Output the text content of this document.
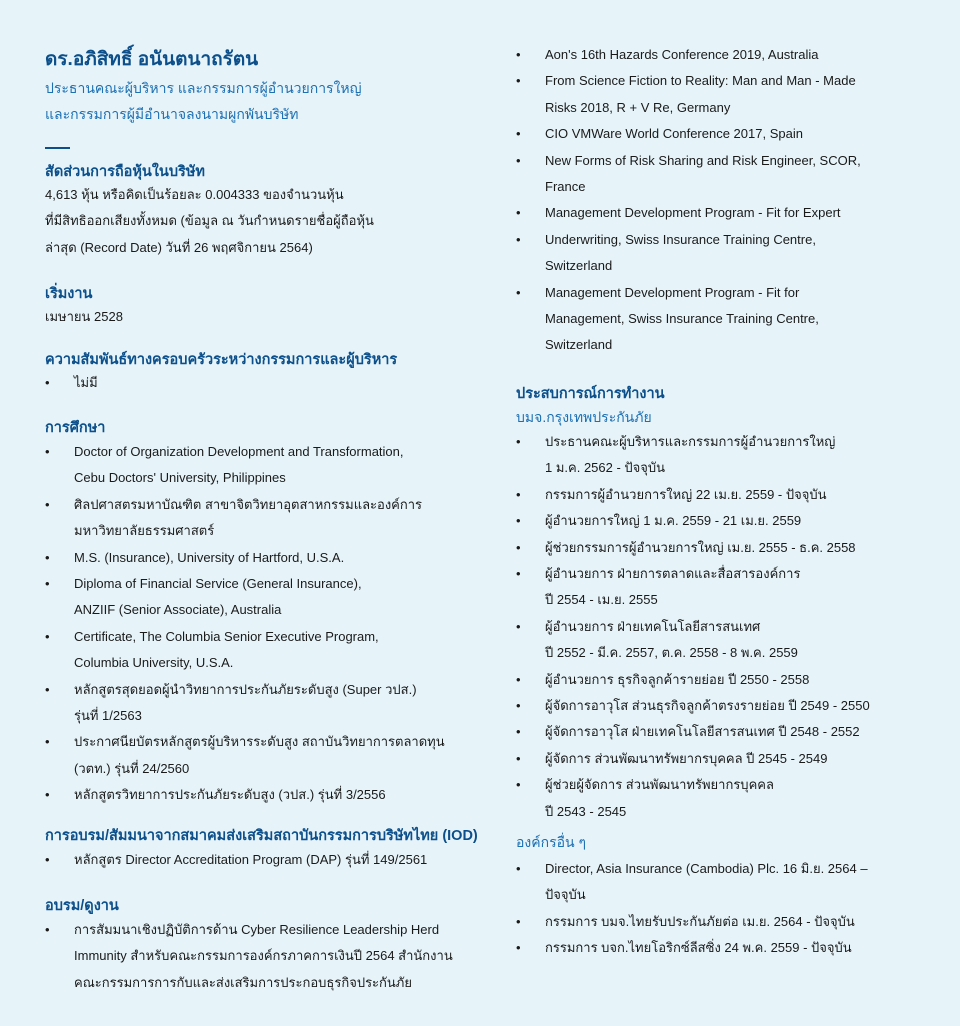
ดร.อภิสิทธิ์ อนันตนาถรัตน
ประธานคณะผู้บริหาร และกรรมการผู้อำนวยการใหญ่
และกรรมการผู้มีอำนาจลงนามผูกพันบริษัท
สัดส่วนการถือหุ้นในบริษัท
4,613 หุ้น หรือคิดเป็นร้อยละ 0.004333 ของจำนวนหุ้น
ที่มีสิทธิออกเสียงทั้งหมด (ข้อมูล ณ วันกำหนดรายชื่อผู้ถือหุ้น
ล่าสุด (Record Date) วันที่ 26 พฤศจิกายน 2564)
เริ่มงาน
เมษายน 2528
ความสัมพันธ์ทางครอบครัวระหว่างกรรมการและผู้บริหาร
• ไม่มี
การศึกษา
• Doctor of Organization Development and Transformation,
Cebu Doctors' University, Philippines
• ศิลปศาสตรมหาบัณฑิต สาขาจิตวิทยาอุตสาหกรรมและองค์การ
มหาวิทยาลัยธรรมศาสตร์
• M.S. (Insurance), University of Hartford, U.S.A.
• Diploma of Financial Service (General Insurance),
ANZIIF (Senior Associate), Australia
• Certificate, The Columbia Senior Executive Program,
Columbia University, U.S.A.
• หลักสูตรสุดยอดผู้นำวิทยาการประกันภัยระดับสูง (Super วปส.)
รุ่นที่ 1/2563
• ประกาศนียบัตรหลักสูตรผู้บริหารระดับสูง สถาบันวิทยาการตลาดทุน
(วตท.) รุ่นที่ 24/2560
• หลักสูตรวิทยาการประกันภัยระดับสูง (วปส.) รุ่นที่ 3/2556
การอบรม/สัมมนาจากสมาคมส่งเสริมสถาบันกรรมการบริษัทไทย (IOD)
• หลักสูตร Director Accreditation Program (DAP) รุ่นที่ 149/2561
อบรม/ดูงาน
• การสัมมนาเชิงปฏิบัติการด้าน Cyber Resilience Leadership Herd
Immunity สำหรับคณะกรรมการองค์กรภาคการเงินปี 2564 สำนักงาน
คณะกรรมการการกับและส่งเสริมการประกอบธุรกิจประกันภัย
• Aon's 16th Hazards Conference 2019, Australia
• From Science Fiction to Reality: Man and Man - Made
Risks 2018, R + V Re, Germany
• CIO VMWare World Conference 2017, Spain
• New Forms of Risk Sharing and Risk Engineer, SCOR,
France
• Management Development Program - Fit for Expert
• Underwriting, Swiss Insurance Training Centre,
Switzerland
• Management Development Program - Fit for
Management, Swiss Insurance Training Centre,
Switzerland
ประสบการณ์การทำงาน
บมจ.กรุงเทพประกันภัย
• ประธานคณะผู้บริหารและกรรมการผู้อำนวยการใหญ่
1 ม.ค. 2562 - ปัจจุบัน
• กรรมการผู้อำนวยการใหญ่ 22 เม.ย. 2559 - ปัจจุบัน
• ผู้อำนวยการใหญ่ 1 ม.ค. 2559 - 21 เม.ย. 2559
• ผู้ช่วยกรรมการผู้อำนวยการใหญ่ เม.ย. 2555 - ธ.ค. 2558
• ผู้อำนวยการ ฝ่ายการตลาดและสื่อสารองค์การ
ปี 2554 - เม.ย. 2555
• ผู้อำนวยการ ฝ่ายเทคโนโลยีสารสนเทศ
ปี 2552 - มี.ค. 2557, ต.ค. 2558 - 8 พ.ค. 2559
• ผู้อำนวยการ ธุรกิจลูกค้ารายย่อย ปี 2550 - 2558
• ผู้จัดการอาวุโส ส่วนธุรกิจลูกค้าตรงรายย่อย ปี 2549 - 2550
• ผู้จัดการอาวุโส ฝ่ายเทคโนโลยีสารสนเทศ ปี 2548 - 2552
• ผู้จัดการ ส่วนพัฒนาทรัพยากรบุคคล ปี 2545 - 2549
• ผู้ช่วยผู้จัดการ ส่วนพัฒนาทรัพยากรบุคคล
ปี 2543 - 2545
องค์กรอื่น ๆ
• Director, Asia Insurance (Cambodia) Plc. 16 มิ.ย. 2564 –
ปัจจุบัน
• กรรมการ บมจ.ไทยรับประกันภัยต่อ เม.ย. 2564 - ปัจจุบัน
• กรรมการ บจก.ไทยโอริกซ์ลีสซิ่ง 24 พ.ค. 2559 - ปัจจุบัน
